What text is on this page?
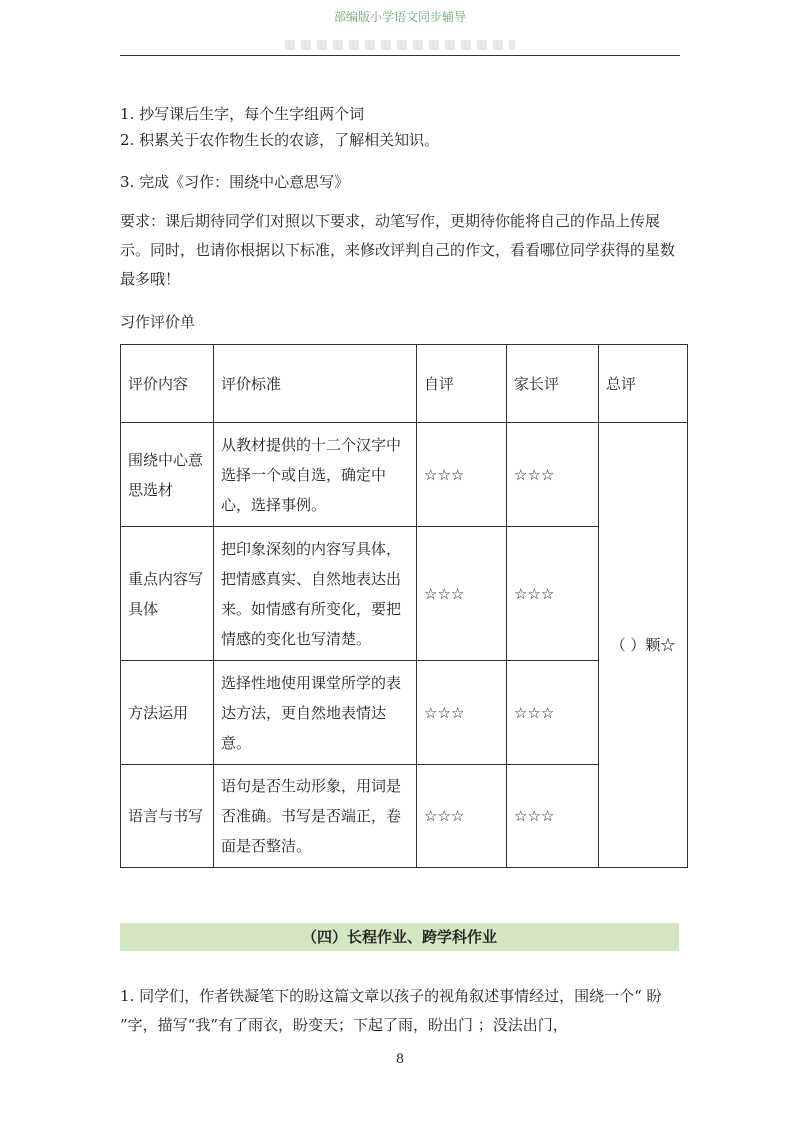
部编版小学语文同步辅导

1. 抄写课后生字，每个生字组两个词

2. 积累关于农作物生长的农谚，了解相关知识。

3. 完成《习作：围绕中心意思写》

要求：课后期待同学们对照以下要求，动笔写作，更期待你能将自己的作品上传展示。同时，也请你根据以下标准，来修改评判自己的作文，看看哪位同学获得的星数最多哦！

习作评价单

评价内容	评价标准	自评	家长评	总评
围绕中心意思选材	从教材提供的十二个汉字中选择一个或自选，确定中心，选择事例。	☆☆☆	☆☆☆	（ ）颗☆
重点内容写具体	把印象深刻的内容写具体，把情感真实、自然地表达出来。如情感有所变化，要把情感的变化也写清楚。	☆☆☆	☆☆☆	
方法运用	选择性地使用课堂所学的表达方法，更自然地表情达意。	☆☆☆	☆☆☆	
语言与书写	语句是否生动形象，用词是否准确。书写是否端正，卷面是否整洁。	☆☆☆	☆☆☆	
（四）长程作业、跨学科作业

1. 同学们，作者铁凝笔下的盼这篇文章以孩子的视角叙述事情经过，围绕一个“ 盼 ”字，描写“我”有了雨衣，盼变天；下起了雨，盼出门 ；没法出门，

8
